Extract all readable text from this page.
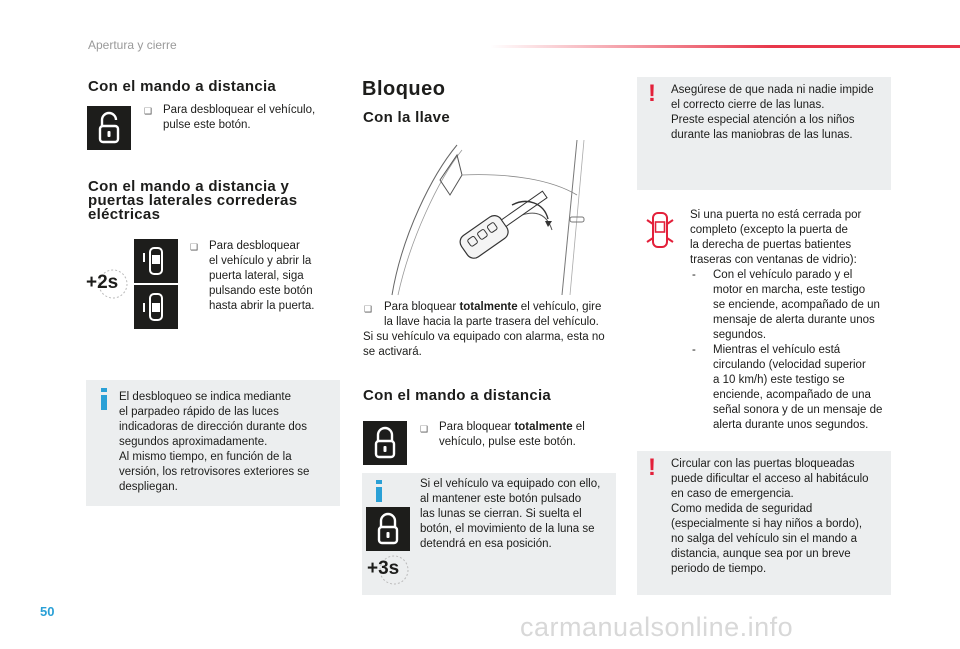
Apertura y cierre
Con el mando a distancia
❑ Para desbloquear el vehículo, pulse este botón.
Con el mando a distancia y
puertas laterales correderas
eléctricas
+2s
❑ Para desbloquear
el vehículo y abrir la
puerta lateral, siga
pulsando este botón
hasta abrir la puerta.
El desbloqueo se indica mediante
el parpadeo rápido de las luces
indicadoras de dirección durante dos
segundos aproximadamente.
Al mismo tiempo, en función de la
versión, los retrovisores exteriores se
despliegan.
Bloqueo
Con la llave
❑	Para bloquear totalmente el vehículo, gire
la llave hacia la parte trasera del vehículo.
Si su vehículo va equipado con alarma, esta no
se activará.
Con el mando a distancia
❑ Para bloquear totalmente el
vehículo, pulse este botón.
+3s
Si el vehículo va equipado con ello,
al mantener este botón pulsado
las lunas se cierran. Si suelta el
botón, el movimiento de la luna se
detendrá en esa posición.
! Asegúrese de que nada ni nadie impide
el correcto cierre de las lunas.
Preste especial atención a los niños
durante las maniobras de las lunas.
Si una puerta no está cerrada por
completo (excepto la puerta de
la derecha de puertas batientes
traseras con ventanas de vidrio):
- Con el vehículo parado y el
motor en marcha, este testigo
se enciende, acompañado de un
mensaje de alerta durante unos
segundos.
- Mientras el vehículo está
circulando (velocidad superior
a 10 km/h) este testigo se
enciende, acompañado de una
señal sonora y de un mensaje de
alerta durante unos segundos.
! Circular con las puertas bloqueadas
puede dificultar el acceso al habitáculo
en caso de emergencia.
Como medida de seguridad
(especialmente si hay niños a bordo),
no salga del vehículo sin el mando a
distancia, aunque sea por un breve
periodo de tiempo.
50
carmanualsonline.info
